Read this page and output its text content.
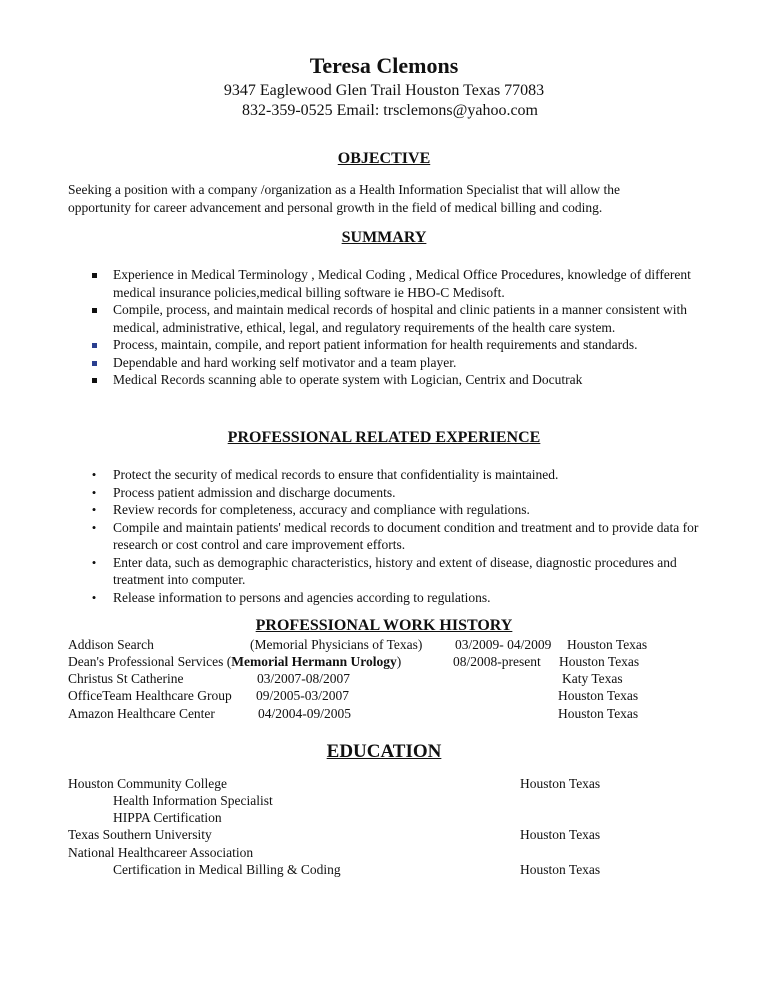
Teresa Clemons
9347 Eaglewood Glen Trail Houston Texas 77083
832-359-0525 Email: trsclemons@yahoo.com
OBJECTIVE
Seeking a position with a company /organization as a Health Information Specialist that will allow the
opportunity for career advancement and personal growth in the field of medical billing and coding.
SUMMARY
Experience in Medical Terminology , Medical Coding , Medical Office Procedures, knowledge of different medical insurance policies,medical billing software ie HBO-C Medisoft.
Compile, process, and maintain medical records of hospital and clinic patients in a manner consistent with medical, administrative, ethical, legal, and regulatory requirements of the health care system.
Process, maintain, compile, and report patient information for health requirements and standards.
Dependable and hard working self motivator and a team player.
Medical Records scanning able to operate system with Logician, Centrix and Docutrak
PROFESSIONAL RELATED EXPERIENCE
• Protect the security of medical records to ensure that confidentiality is maintained.
• Process patient admission and discharge documents.
• Review records for completeness, accuracy and compliance with regulations.
• Compile and maintain patients' medical records to document condition and treatment and to provide data for research or cost control and care improvement efforts.
• Enter data, such as demographic characteristics, history and extent of disease, diagnostic procedures and treatment into computer.
• Release information to persons and agencies according to regulations.
PROFESSIONAL WORK HISTORY
Addison Search	(Memorial Physicians of Texas) 03/2009- 04/2009 Houston Texas
Dean's Professional Services (Memorial Hermann Urology)	08/2008-present Houston Texas
Christus St Catherine	03/2007-08/2007	Katy Texas
OfficeTeam Healthcare Group 09/2005-03/2007	Houston Texas
Amazon Healthcare Center	04/2004-09/2005	Houston Texas
EDUCATION
Houston Community College	Houston Texas
Health Information Specialist
HIPPA Certification
Texas Southern University	Houston Texas
National Healthcareer Association
Certification in Medical Billing & Coding	Houston Texas
